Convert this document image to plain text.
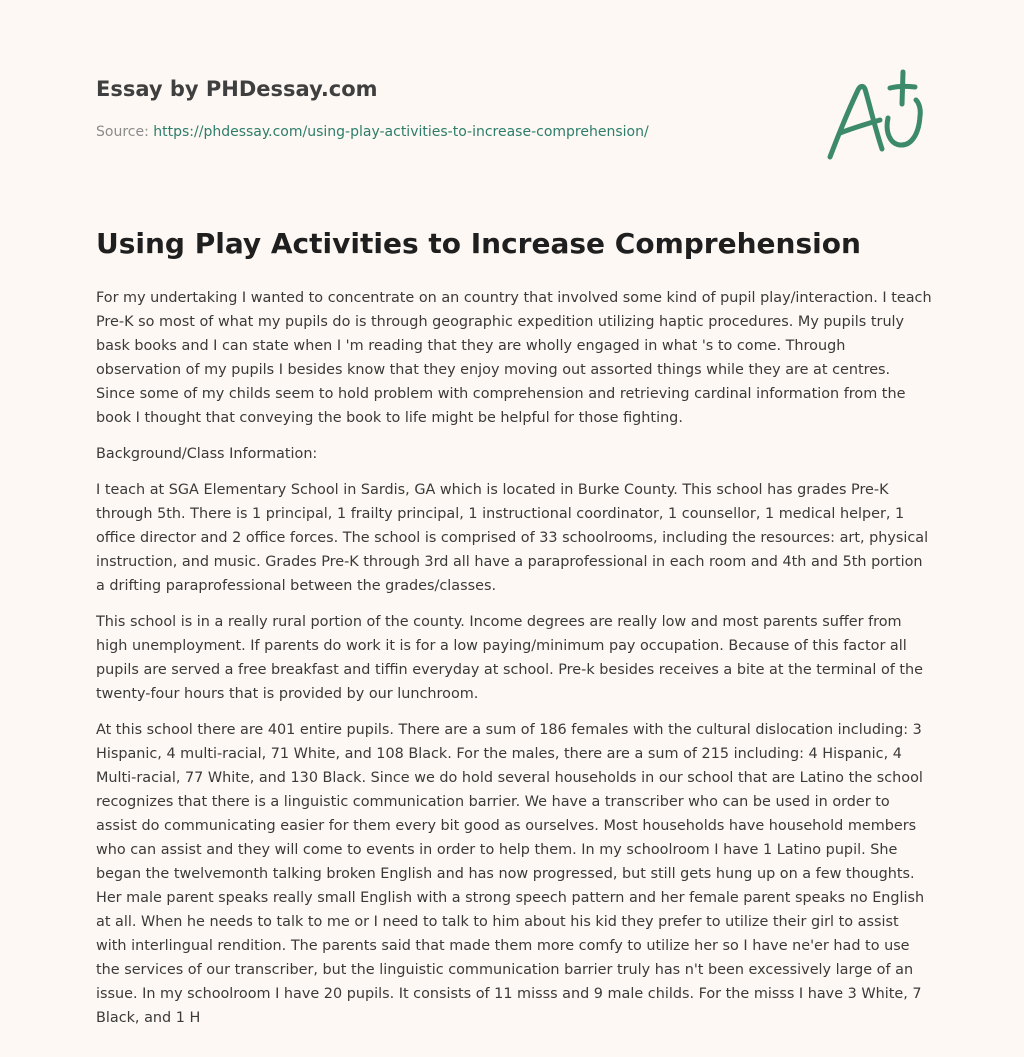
Essay by PHDessay.com
Source: https://phdessay.com/using-play-activities-to-increase-comprehension/
Using Play Activities to Increase Comprehension

For my undertaking I wanted to concentrate on an country that involved some kind of pupil play/interaction. I teach Pre-K so most of what my pupils do is through geographic expedition utilizing haptic procedures. My pupils truly bask books and I can state when I 'm reading that they are wholly engaged in what 's to come. Through observation of my pupils I besides know that they enjoy moving out assorted things while they are at centres. Since some of my childs seem to hold problem with comprehension and retrieving cardinal information from the book I thought that conveying the book to life might be helpful for those fighting.

Background/Class Information:

I teach at SGA Elementary School in Sardis, GA which is located in Burke County. This school has grades Pre-K through 5th. There is 1 principal, 1 frailty principal, 1 instructional coordinator, 1 counsellor, 1 medical helper, 1 office director and 2 office forces. The school is comprised of 33 schoolrooms, including the resources: art, physical instruction, and music. Grades Pre-K through 3rd all have a paraprofessional in each room and 4th and 5th portion a drifting paraprofessional between the grades/classes.

This school is in a really rural portion of the county. Income degrees are really low and most parents suffer from high unemployment. If parents do work it is for a low paying/minimum pay occupation. Because of this factor all pupils are served a free breakfast and tiffin everyday at school. Pre-k besides receives a bite at the terminal of the twenty-four hours that is provided by our lunchroom.

At this school there are 401 entire pupils. There are a sum of 186 females with the cultural dislocation including: 3 Hispanic, 4 multi-racial, 71 White, and 108 Black. For the males, there are a sum of 215 including: 4 Hispanic, 4 Multi-racial, 77 White, and 130 Black. Since we do hold several households in our school that are Latino the school recognizes that there is a linguistic communication barrier. We have a transcriber who can be used in order to assist do communicating easier for them every bit good as ourselves. Most households have household members who can assist and they will come to events in order to help them. In my schoolroom I have 1 Latino pupil. She began the twelvemonth talking broken English and has now progressed, but still gets hung up on a few thoughts. Her male parent speaks really small English with a strong speech pattern and her female parent speaks no English at all. When he needs to talk to me or I need to talk to him about his kid they prefer to utilize their girl to assist with interlingual rendition. The parents said that made them more comfy to utilize her so I have ne'er had to use the services of our transcriber, but the linguistic communication barrier truly has n't been excessively large of an issue. In my schoolroom I have 20 pupils. It consists of 11 misss and 9 male childs. For the misss I have 3 White, 7 Black, and 1 H
